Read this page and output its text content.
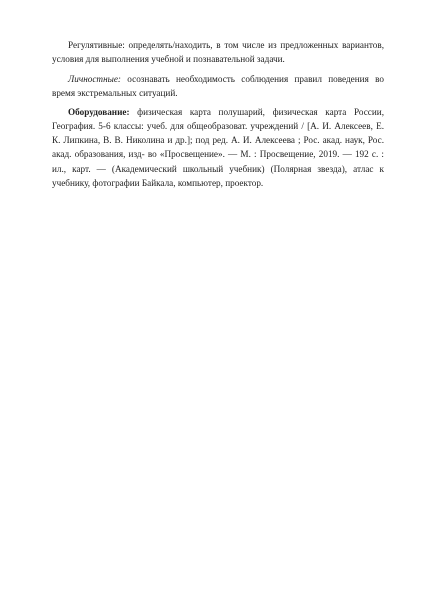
Регулятивные: определять/находить, в том числе из предложенных вариантов, условия для выполнения учебной и познавательной задачи.

Личностные: осознавать необходимость соблюдения правил поведения во время экстремальных ситуаций.

Оборудование: физическая карта полушарий, физическая карта России, География. 5-6 классы: учеб. для общеобразоват. учреждений / [А. И. Алексеев, Е. К. Липкина, В. В. Николина и др.]; под ред. А. И. Алексеева ; Рос. акад. наук, Рос. акад. образования, изд- во «Просвещение». — М. : Просвещение, 2019. — 192 с. : ил., карт. — (Академический школьный учебник) (Полярная звезда), атлас к учебнику, фотографии Байкала, компьютер, проектор.
